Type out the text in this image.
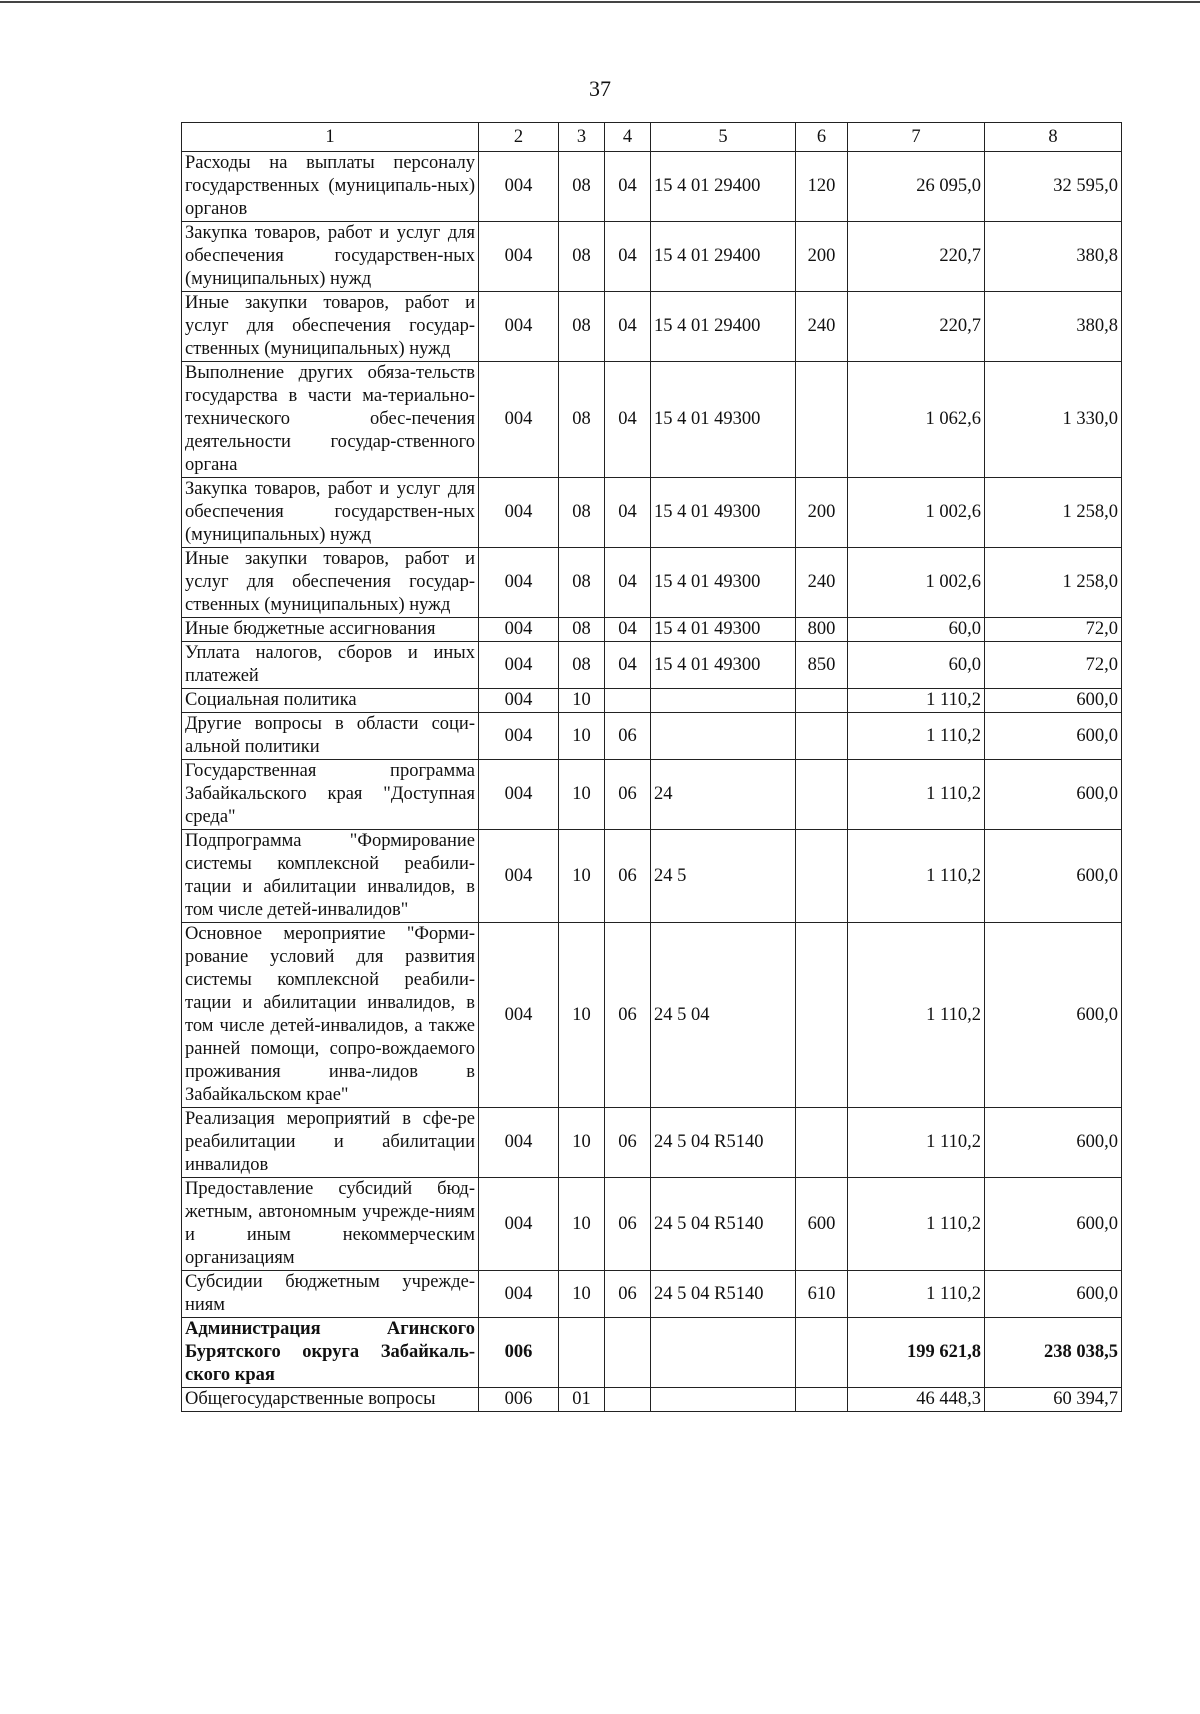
37
1	2	3	4	5	6	7	8
Расходы на выплаты персоналу государственных (муниципаль-ных) органов	004	08	04	15 4 01 29400	120	26 095,0	32 595,0
Закупка товаров, работ и услуг для обеспечения государствен-ных (муниципальных) нужд	004	08	04	15 4 01 29400	200	220,7	380,8
Иные закупки товаров, работ и услуг для обеспечения государ-ственных (муниципальных) нужд	004	08	04	15 4 01 29400	240	220,7	380,8
Выполнение других обяза-тельств государства в части ма-териально-технического обес-печения деятельности государ-ственного органа	004	08	04	15 4 01 49300		1 062,6	1 330,0
Закупка товаров, работ и услуг для обеспечения государствен-ных (муниципальных) нужд	004	08	04	15 4 01 49300	200	1 002,6	1 258,0
Иные закупки товаров, работ и услуг для обеспечения государ-ственных (муниципальных) нужд	004	08	04	15 4 01 49300	240	1 002,6	1 258,0
Иные бюджетные ассигнования	004	08	04	15 4 01 49300	800	60,0	72,0
Уплата налогов, сборов и иных платежей	004	08	04	15 4 01 49300	850	60,0	72,0
Социальная политика	004	10				1 110,2	600,0
Другие вопросы в области соци-альной политики	004	10	06			1 110,2	600,0
Государственная программа Забайкальского края "Доступная среда"	004	10	06	24		1 110,2	600,0
Подпрограмма "Формирование системы комплексной реабили-тации и абилитации инвалидов, в том числе детей-инвалидов"	004	10	06	24 5		1 110,2	600,0
Основное мероприятие "Форми-рование условий для развития системы комплексной реабили-тации и абилитации инвалидов, в том числе детей-инвалидов, а также ранней помощи, сопро-вождаемого проживания инва-лидов в Забайкальском крае"	004	10	06	24 5 04		1 110,2	600,0
Реализация мероприятий в сфе-ре реабилитации и абилитации инвалидов	004	10	06	24 5 04 R5140		1 110,2	600,0
Предоставление субсидий бюд-жетным, автономным учрежде-ниям и иным некоммерческим организациям	004	10	06	24 5 04 R5140	600	1 110,2	600,0
Субсидии бюджетным учрежде-ниям	004	10	06	24 5 04 R5140	610	1 110,2	600,0
Администрация Агинского Бурятского округа Забайкаль-ского края	006					199 621,8	238 038,5
Общегосударственные вопросы	006	01				46 448,3	60 394,7
